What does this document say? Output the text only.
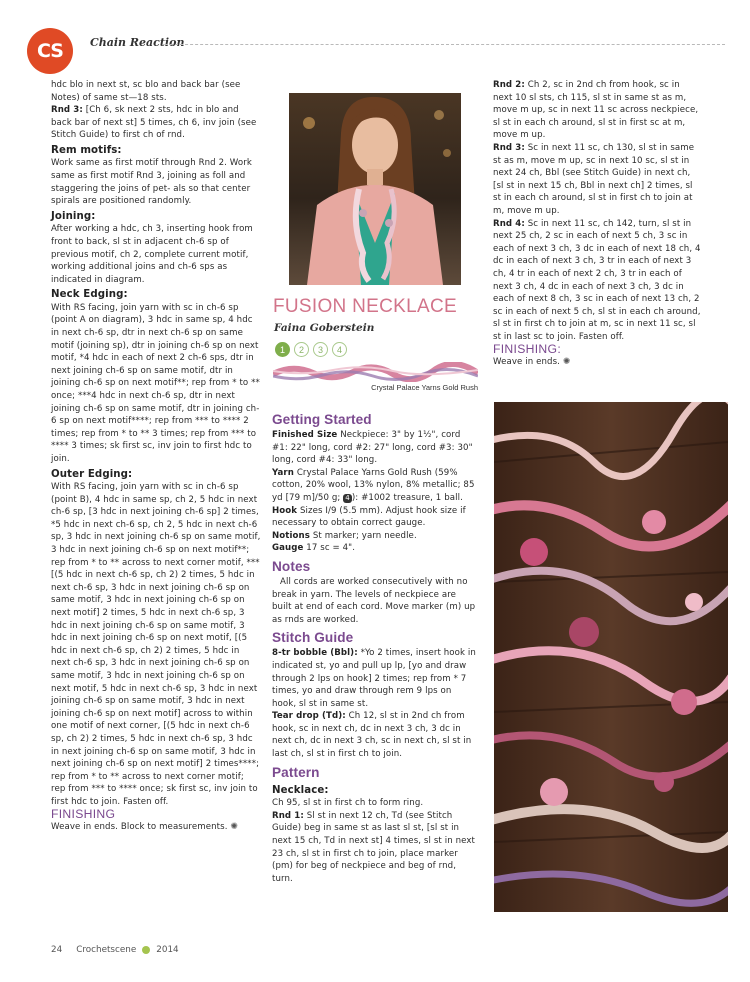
CS	Chain Reaction

hdc blo in next st, sc blo and back bar (see Notes) of same st—18 sts.

Rnd 3: [Ch 6, sk next 2 sts, hdc in blo and back bar of next st] 5 times, ch 6, inv join (see Stitch Guide) to first ch of rnd.

Rem motifs:

Work same as first motif through Rnd 2. Work same as first motif Rnd 3, joining as foll and staggering the joins of pet- als so that center spirals are positioned randomly.

Joining:

After working a hdc, ch 3, inserting hook from front to back, sl st in adjacent ch-6 sp of previous motif, ch 2, complete current motif, working additional joins and ch-6 sps as indicated in diagram.

Neck Edging:

With RS facing, join yarn with sc in ch-6 sp (point A on diagram), 3 hdc in same sp, 4 hdc in next ch-6 sp, dtr in next ch-6 sp on same motif (joining sp), dtr in joining ch-6 sp on next motif, *4 hdc in each of next 2 ch-6 sps, dtr in next joining ch-6 sp on same motif, dtr in joining ch-6 sp on next motif**; rep from * to ** once; ***4 hdc in next ch-6 sp, dtr in next joining ch-6 sp on same motif, dtr in joining ch-6 sp on next motif****; rep from *** to **** 2 times; rep from * to ** 3 times; rep from *** to **** 3 times; sk first sc, inv join to first hdc to join.

Outer Edging:

With RS facing, join yarn with sc in ch-6 sp (point B), 4 hdc in same sp, ch 2, 5 hdc in next ch-6 sp, [3 hdc in next joining ch-6 sp] 2 times, *5 hdc in next ch-6 sp, ch 2, 5 hdc in next ch-6 sp, 3 hdc in next joining ch-6 sp on same motif, 3 hdc in next joining ch-6 sp on next motif**; rep from * to ** across to next corner motif, ***[(5 hdc in next ch-6 sp, ch 2) 2 times, 5 hdc in next ch-6 sp, 3 hdc in next joining ch-6 sp on same motif, 3 hdc in next joining ch-6 sp on next motif] 2 times, 5 hdc in next ch-6 sp, 3 hdc in next joining ch-6 sp on same motif, 3 hdc in next joining ch-6 sp on next motif, [(5 hdc in next ch-6 sp, ch 2) 2 times, 5 hdc in next ch-6 sp, 3 hdc in next joining ch-6 sp on same motif, 3 hdc in next joining ch-6 sp on next motif, 5 hdc in next ch-6 sp, 3 hdc in next joining ch-6 sp on same motif, 3 hdc in next joining ch-6 sp on next motif] across to within one motif of next corner, [(5 hdc in next ch-6 sp, ch 2) 2 times, 5 hdc in next ch-6 sp, 3 hdc in next joining ch-6 sp on same motif, 3 hdc in next joining ch-6 sp on next motif] 2 times****; rep from * to ** across to next corner motif; rep from *** to **** once; sk first sc, inv join to first hdc to join. Fasten off.

FINISHING

Weave in ends. Block to measurements. ✺

FUSION NECKLACE
Faina Goberstein
1	2	3	4
Crystal Palace Yarns Gold Rush
Getting Started

Finished Size Neckpiece: 3" by 1½", cord #1: 22" long, cord #2: 27" long, cord #3: 30" long, cord #4: 33" long.

Yarn Crystal Palace Yarns Gold Rush (59% cotton, 20% wool, 13% nylon, 8% metallic; 85 yd [79 m]/50 g; 4 ): #1002 treasure, 1 ball.

Hook Sizes I/9 (5.5 mm). Adjust hook size if necessary to obtain correct gauge.

Notions St marker; yarn needle.

Gauge 17 sc = 4".

Notes

All cords are worked consecutively with no break in yarn. The levels of neckpiece are built at end of each cord. Move marker (m) up as rnds are worked.

Stitch Guide

8-tr bobble (Bbl): *Yo 2 times, insert hook in indicated st, yo and pull up lp, [yo and draw through 2 lps on hook] 2 times; rep from * 7 times, yo and draw through rem 9 lps on hook, sl st in same st.

Tear drop (Td): Ch 12, sl st in 2nd ch from hook, sc in next ch, dc in next 3 ch, 3 dc in next ch, dc in next 3 ch, sc in next ch, sl st in last ch, sl st in first ch to join.

Pattern
Necklace:

Ch 95, sl st in first ch to form ring.

Rnd 1: Sl st in next 12 ch, Td (see Stitch Guide) beg in same st as last sl st, [sl st in next 15 ch, Td in next st] 4 times, sl st in next 23 ch, sl st in first ch to join, place marker (pm) for beg of neckpiece and beg of rnd, turn.

Rnd 2: Ch 2, sc in 2nd ch from hook, sc in next 10 sl sts, ch 115, sl st in same st as m, move m up, sc in next 11 sc across neckpiece, sl st in each ch around, sl st in first sc at m, move m up.

Rnd 3: Sc in next 11 sc, ch 130, sl st in same st as m, move m up, sc in next 10 sc, sl st in next 24 ch, Bbl (see Stitch Guide) in next ch, [sl st in next 15 ch, Bbl in next ch] 2 times, sl st in each ch around, sl st in first ch to join at m, move m up.

Rnd 4: Sc in next 11 sc, ch 142, turn, sl st in next 25 ch, 2 sc in each of next 5 ch, 3 sc in each of next 3 ch, 3 dc in each of next 18 ch, 4 dc in each of next 3 ch, 3 tr in each of next 3 ch, 4 tr in each of next 2 ch, 3 tr in each of next 3 ch, 4 dc in each of next 3 ch, 3 dc in each of next 8 ch, 3 sc in each of next 13 ch, 2 sc in each of next 5 ch, sl st in each ch around, sl st in first ch to join at m, sc in next 11 sc, sl st in last sc to join. Fasten off.

FINISHING:

Weave in ends. ✺

24 Crochetscene 2014
